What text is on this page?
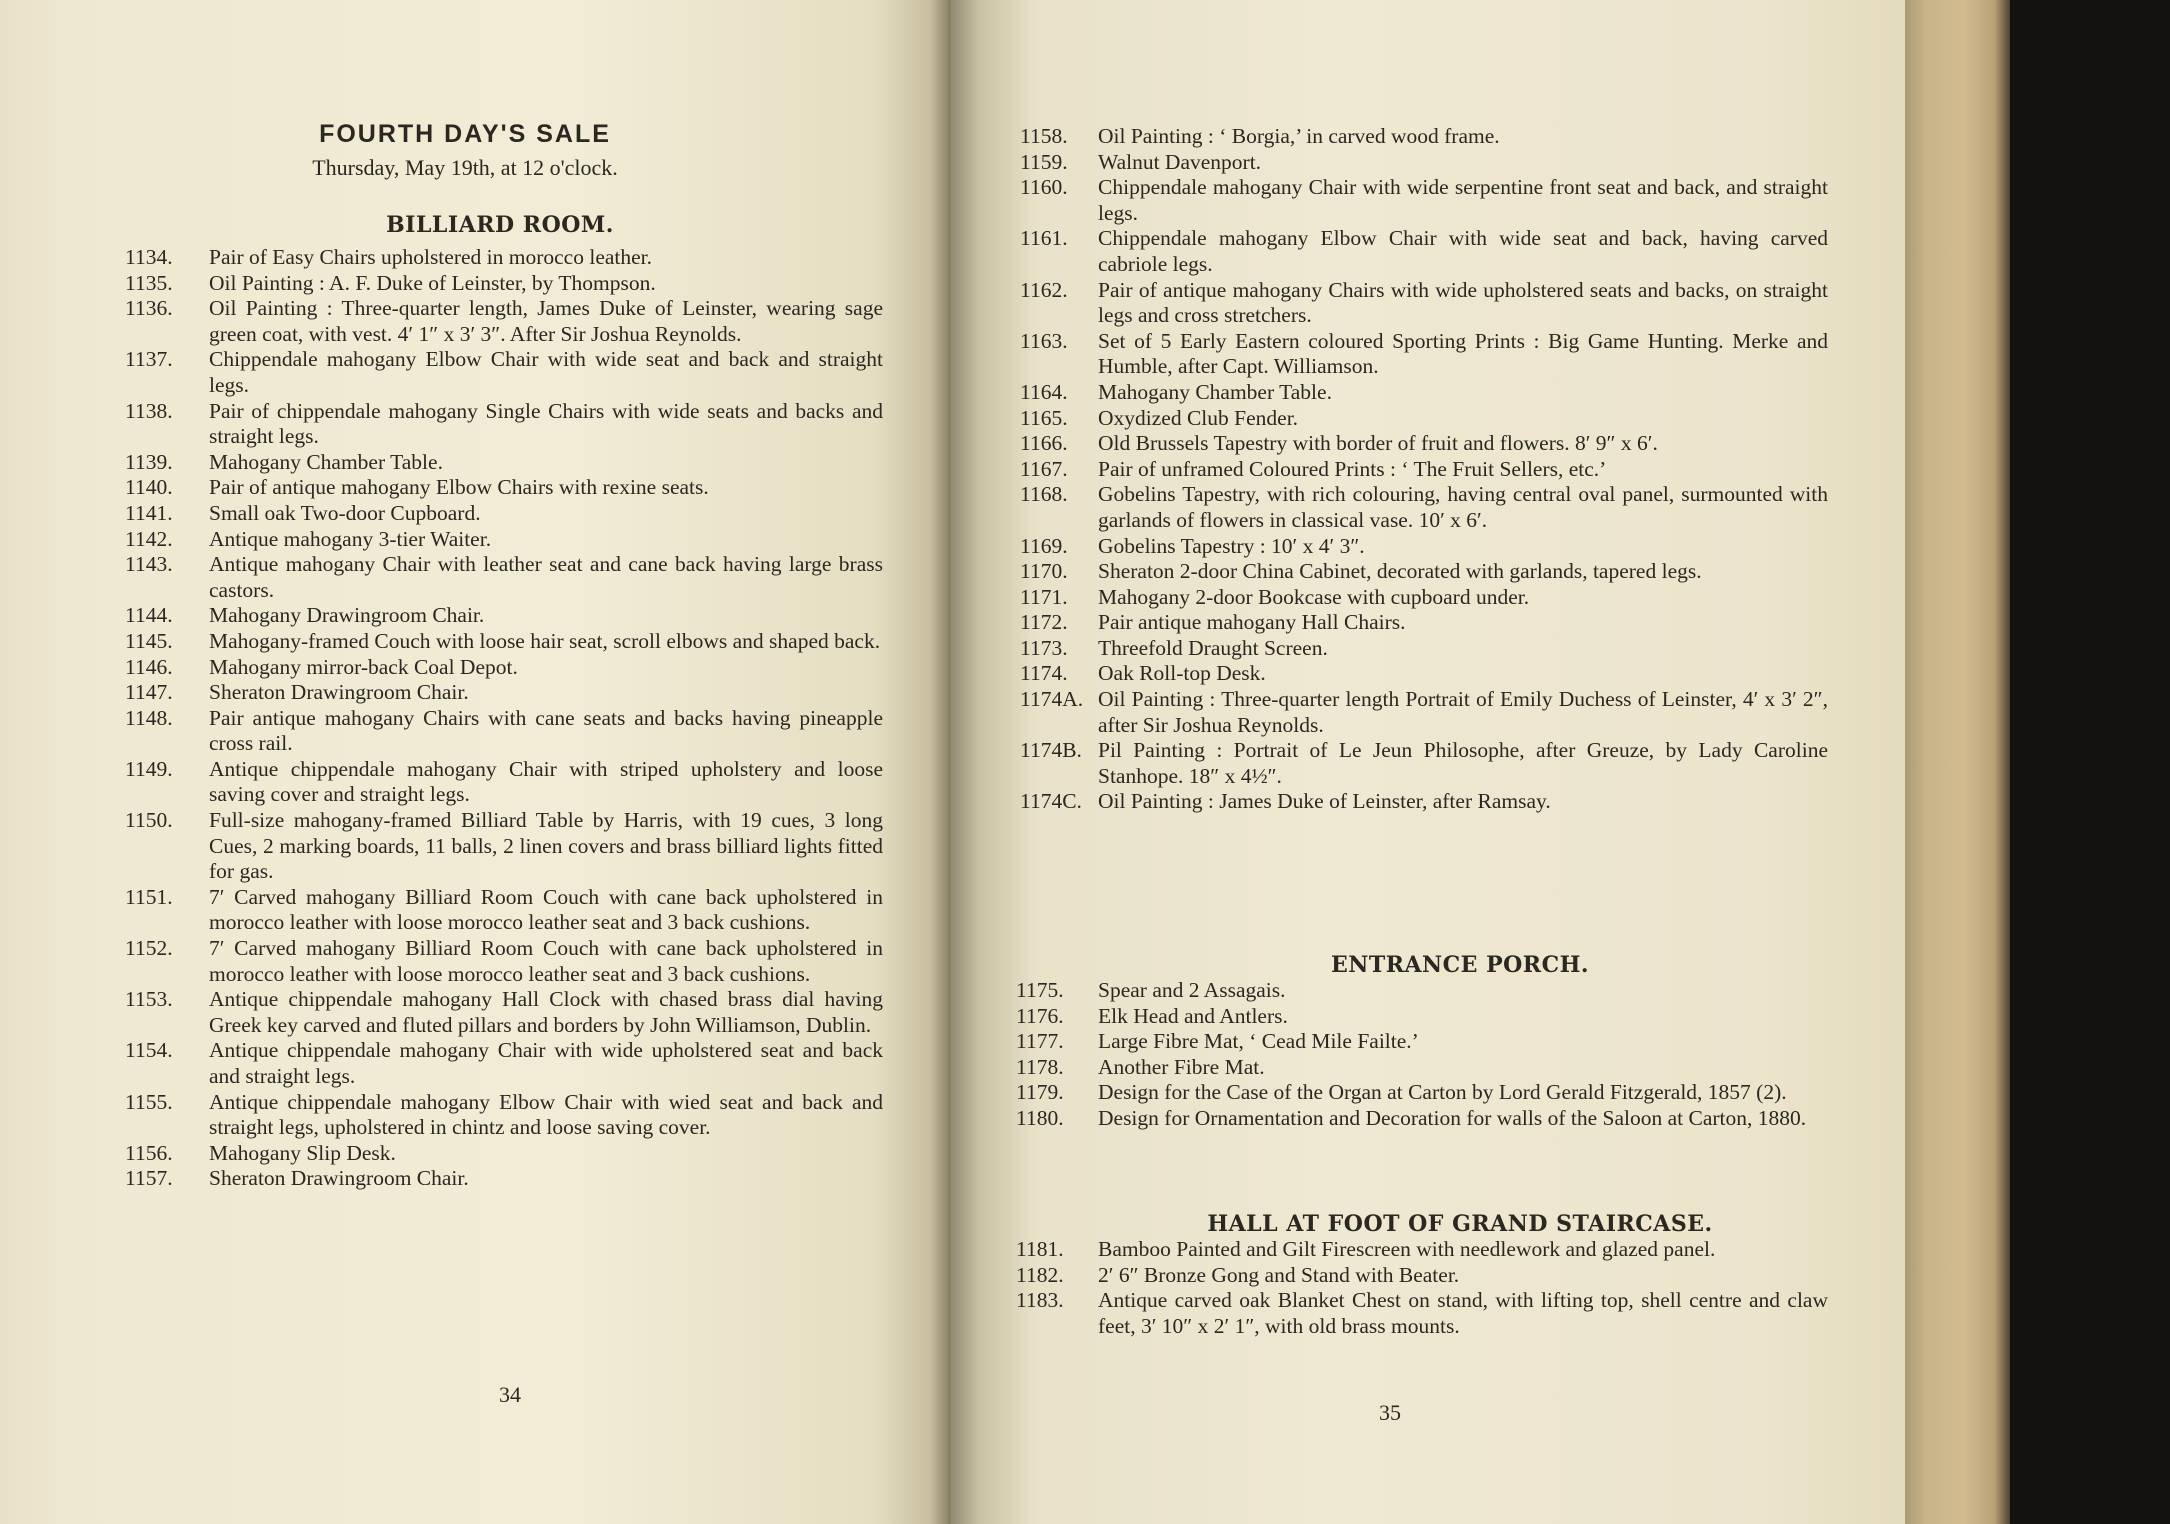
FOURTH DAY'S SALE

Thursday, May 19th, at 12 o'clock.

BILLIARD ROOM.
1134.	Pair of Easy Chairs upholstered in morocco leather.
1135.	Oil Painting : A. F. Duke of Leinster, by Thompson.
1136.	Oil Painting : Three-quarter length, James Duke of Leinster, wearing sage green coat, with vest. 4′ 1″ x 3′ 3″. After Sir Joshua Reynolds.
1137.	Chippendale mahogany Elbow Chair with wide seat and back and straight legs.
1138.	Pair of chippendale mahogany Single Chairs with wide seats and backs and straight legs.
1139.	Mahogany Chamber Table.
1140.	Pair of antique mahogany Elbow Chairs with rexine seats.
1141.	Small oak Two-door Cupboard.
1142.	Antique mahogany 3-tier Waiter.
1143.	Antique mahogany Chair with leather seat and cane back having large brass castors.
1144.	Mahogany Drawingroom Chair.
1145.	Mahogany-framed Couch with loose hair seat, scroll elbows and shaped back.
1146.	Mahogany mirror-back Coal Depot.
1147.	Sheraton Drawingroom Chair.
1148.	Pair antique mahogany Chairs with cane seats and backs having pineapple cross rail.
1149.	Antique chippendale mahogany Chair with striped upholstery and loose saving cover and straight legs.
1150.	Full-size mahogany-framed Billiard Table by Harris, with 19 cues, 3 long Cues, 2 marking boards, 11 balls, 2 linen covers and brass billiard lights fitted for gas.
1151.	7′ Carved mahogany Billiard Room Couch with cane back upholstered in morocco leather with loose morocco leather seat and 3 back cushions.
1152.	7′ Carved mahogany Billiard Room Couch with cane back upholstered in morocco leather with loose morocco leather seat and 3 back cushions.
1153.	Antique chippendale mahogany Hall Clock with chased brass dial having Greek key carved and fluted pillars and borders by John Williamson, Dublin.
1154.	Antique chippendale mahogany Chair with wide upholstered seat and back and straight legs.
1155.	Antique chippendale mahogany Elbow Chair with wied seat and back and straight legs, upholstered in chintz and loose saving cover.
1156.	Mahogany Slip Desk.
1157.	Sheraton Drawingroom Chair.
34
1158.	Oil Painting : ‘ Borgia,’ in carved wood frame.
1159.	Walnut Davenport.
1160.	Chippendale mahogany Chair with wide serpentine front seat and back, and straight legs.
1161.	Chippendale mahogany Elbow Chair with wide seat and back, having carved cabriole legs.
1162.	Pair of antique mahogany Chairs with wide upholstered seats and backs, on straight legs and cross stretchers.
1163.	Set of 5 Early Eastern coloured Sporting Prints : Big Game Hunting. Merke and Humble, after Capt. Williamson.
1164.	Mahogany Chamber Table.
1165.	Oxydized Club Fender.
1166.	Old Brussels Tapestry with border of fruit and flowers. 8′ 9″ x 6′.
1167.	Pair of unframed Coloured Prints : ‘ The Fruit Sellers, etc.’
1168.	Gobelins Tapestry, with rich colouring, having central oval panel, surmounted with garlands of flowers in classical vase. 10′ x 6′.
1169.	Gobelins Tapestry : 10′ x 4′ 3″.
1170.	Sheraton 2-door China Cabinet, decorated with garlands, tapered legs.
1171.	Mahogany 2-door Bookcase with cupboard under.
1172.	Pair antique mahogany Hall Chairs.
1173.	Threefold Draught Screen.
1174.	Oak Roll-top Desk.
1174A. Oil Painting : Three-quarter length Portrait of Emily Duchess of Leinster, 4′ x 3′ 2″, after Sir Joshua Reynolds.
1174B. Pil Painting : Portrait of Le Jeun Philosophe, after Greuze, by Lady Caroline Stanhope. 18″ x 4½″.
1174C. Oil Painting : James Duke of Leinster, after Ramsay.
ENTRANCE PORCH.
1175.	Spear and 2 Assagais.
1176.	Elk Head and Antlers.
1177.	Large Fibre Mat, ‘ Cead Mile Failte.’
1178.	Another Fibre Mat.
1179.	Design for the Case of the Organ at Carton by Lord Gerald Fitzgerald, 1857 (2).
1180.	Design for Ornamentation and Decoration for walls of the Saloon at Carton, 1880.
HALL AT FOOT OF GRAND STAIRCASE.
1181.	Bamboo Painted and Gilt Firescreen with needlework and glazed panel.
1182.	2′ 6″ Bronze Gong and Stand with Beater.
1183.	Antique carved oak Blanket Chest on stand, with lifting top, shell centre and claw feet, 3′ 10″ x 2′ 1″, with old brass mounts.
35
